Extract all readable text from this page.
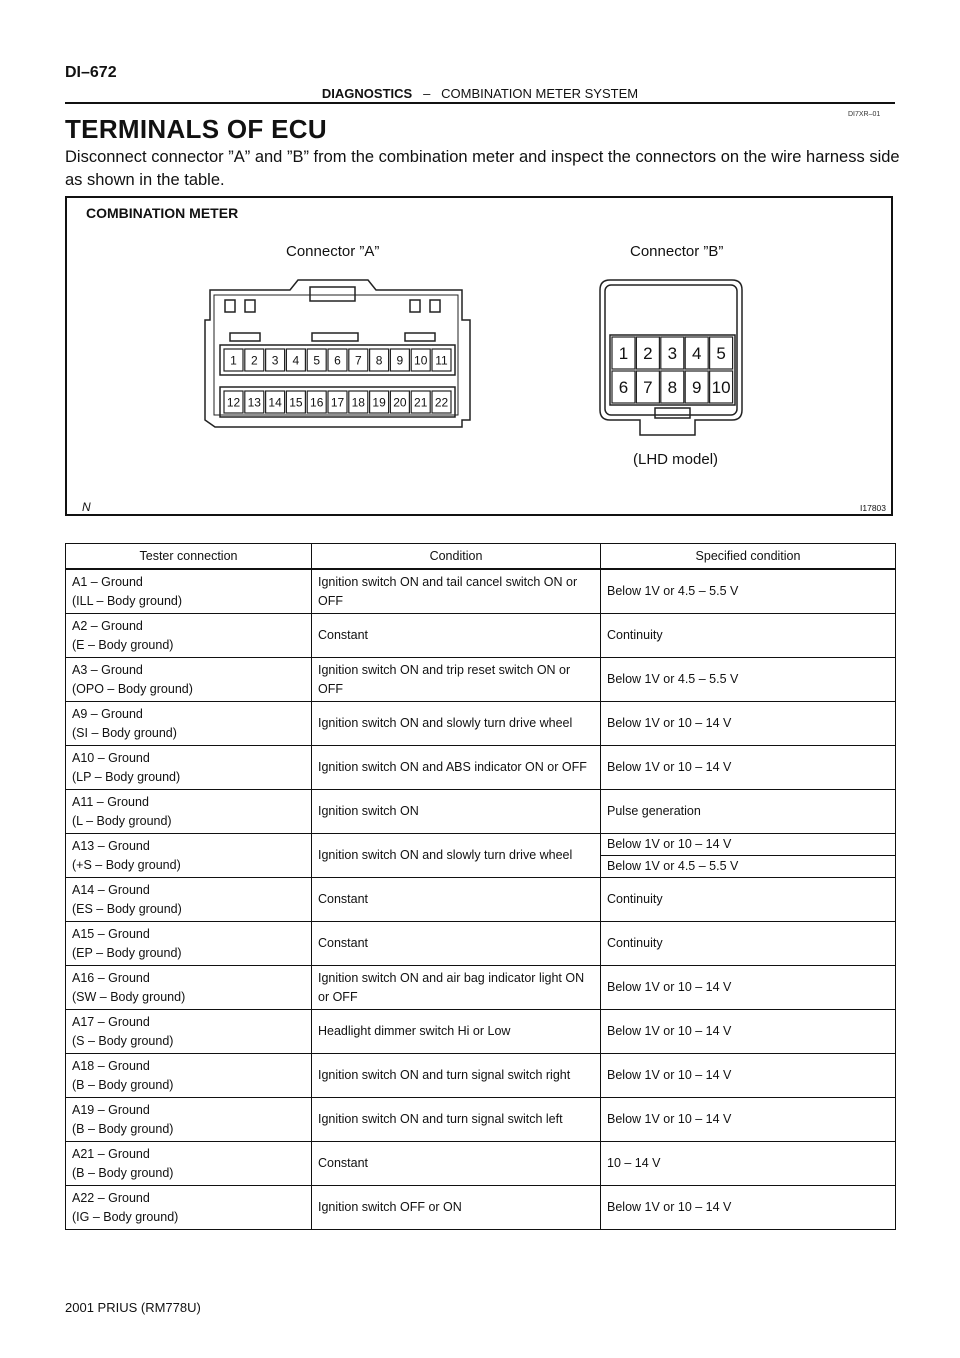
DI–672
DIAGNOSTICS – COMBINATION METER SYSTEM
DI7XR–01
TERMINALS OF ECU
Disconnect connector ”A” and ”B” from the combination meter and inspect the connectors on the wire harness side as shown in the table.
COMBINATION METER
Connector ”A”	Connector ”B”
(LHD model)
I17803
N
1 2 3 4 5 6 7 8 9 10 11
12 13 14 15 16 17 18 19 20 21 22
1 2 3 4 5
6 7 8 9 10
Tester connection	Condition	Specified condition

A1 – Ground
(ILL – Body ground)	Ignition switch ON and tail cancel switch ON or OFF	Below 1V or 4.5 – 5.5 V

A2 – Ground
(E – Body ground)	Constant	Continuity

A3 – Ground
(OPO – Body ground)	Ignition switch ON and trip reset switch ON or OFF	Below 1V or 4.5 – 5.5 V

A9 – Ground
(SI – Body ground)	Ignition switch ON and slowly turn drive wheel	Below 1V or 10 – 14 V

A10 – Ground
(LP – Body ground)	Ignition switch ON and ABS indicator ON or OFF	Below 1V or 10 – 14 V

A11 – Ground
(L – Body ground)	Ignition switch ON	Pulse generation

A13 – Ground
(+S – Body ground)	Ignition switch ON and slowly turn drive wheel	Below 1V or 10 – 14 V
		Below 1V or 4.5 – 5.5 V

A14 – Ground
(ES – Body ground)	Constant	Continuity

A15 – Ground
(EP – Body ground)	Constant	Continuity

A16 – Ground
(SW – Body ground)	Ignition switch ON and air bag indicator light ON or OFF	Below 1V or 10 – 14 V

A17 – Ground
(S – Body ground)	Headlight dimmer switch Hi or Low	Below 1V or 10 – 14 V

A18 – Ground
(B – Body ground)	Ignition switch ON and turn signal switch right	Below 1V or 10 – 14 V

A19 – Ground
(B – Body ground)	Ignition switch ON and turn signal switch left	Below 1V or 10 – 14 V

A21 – Ground
(B – Body ground)	Constant	10 – 14 V

A22 – Ground
(IG – Body ground)	Ignition switch OFF or ON	Below 1V or 10 – 14 V
2001 PRIUS (RM778U)
